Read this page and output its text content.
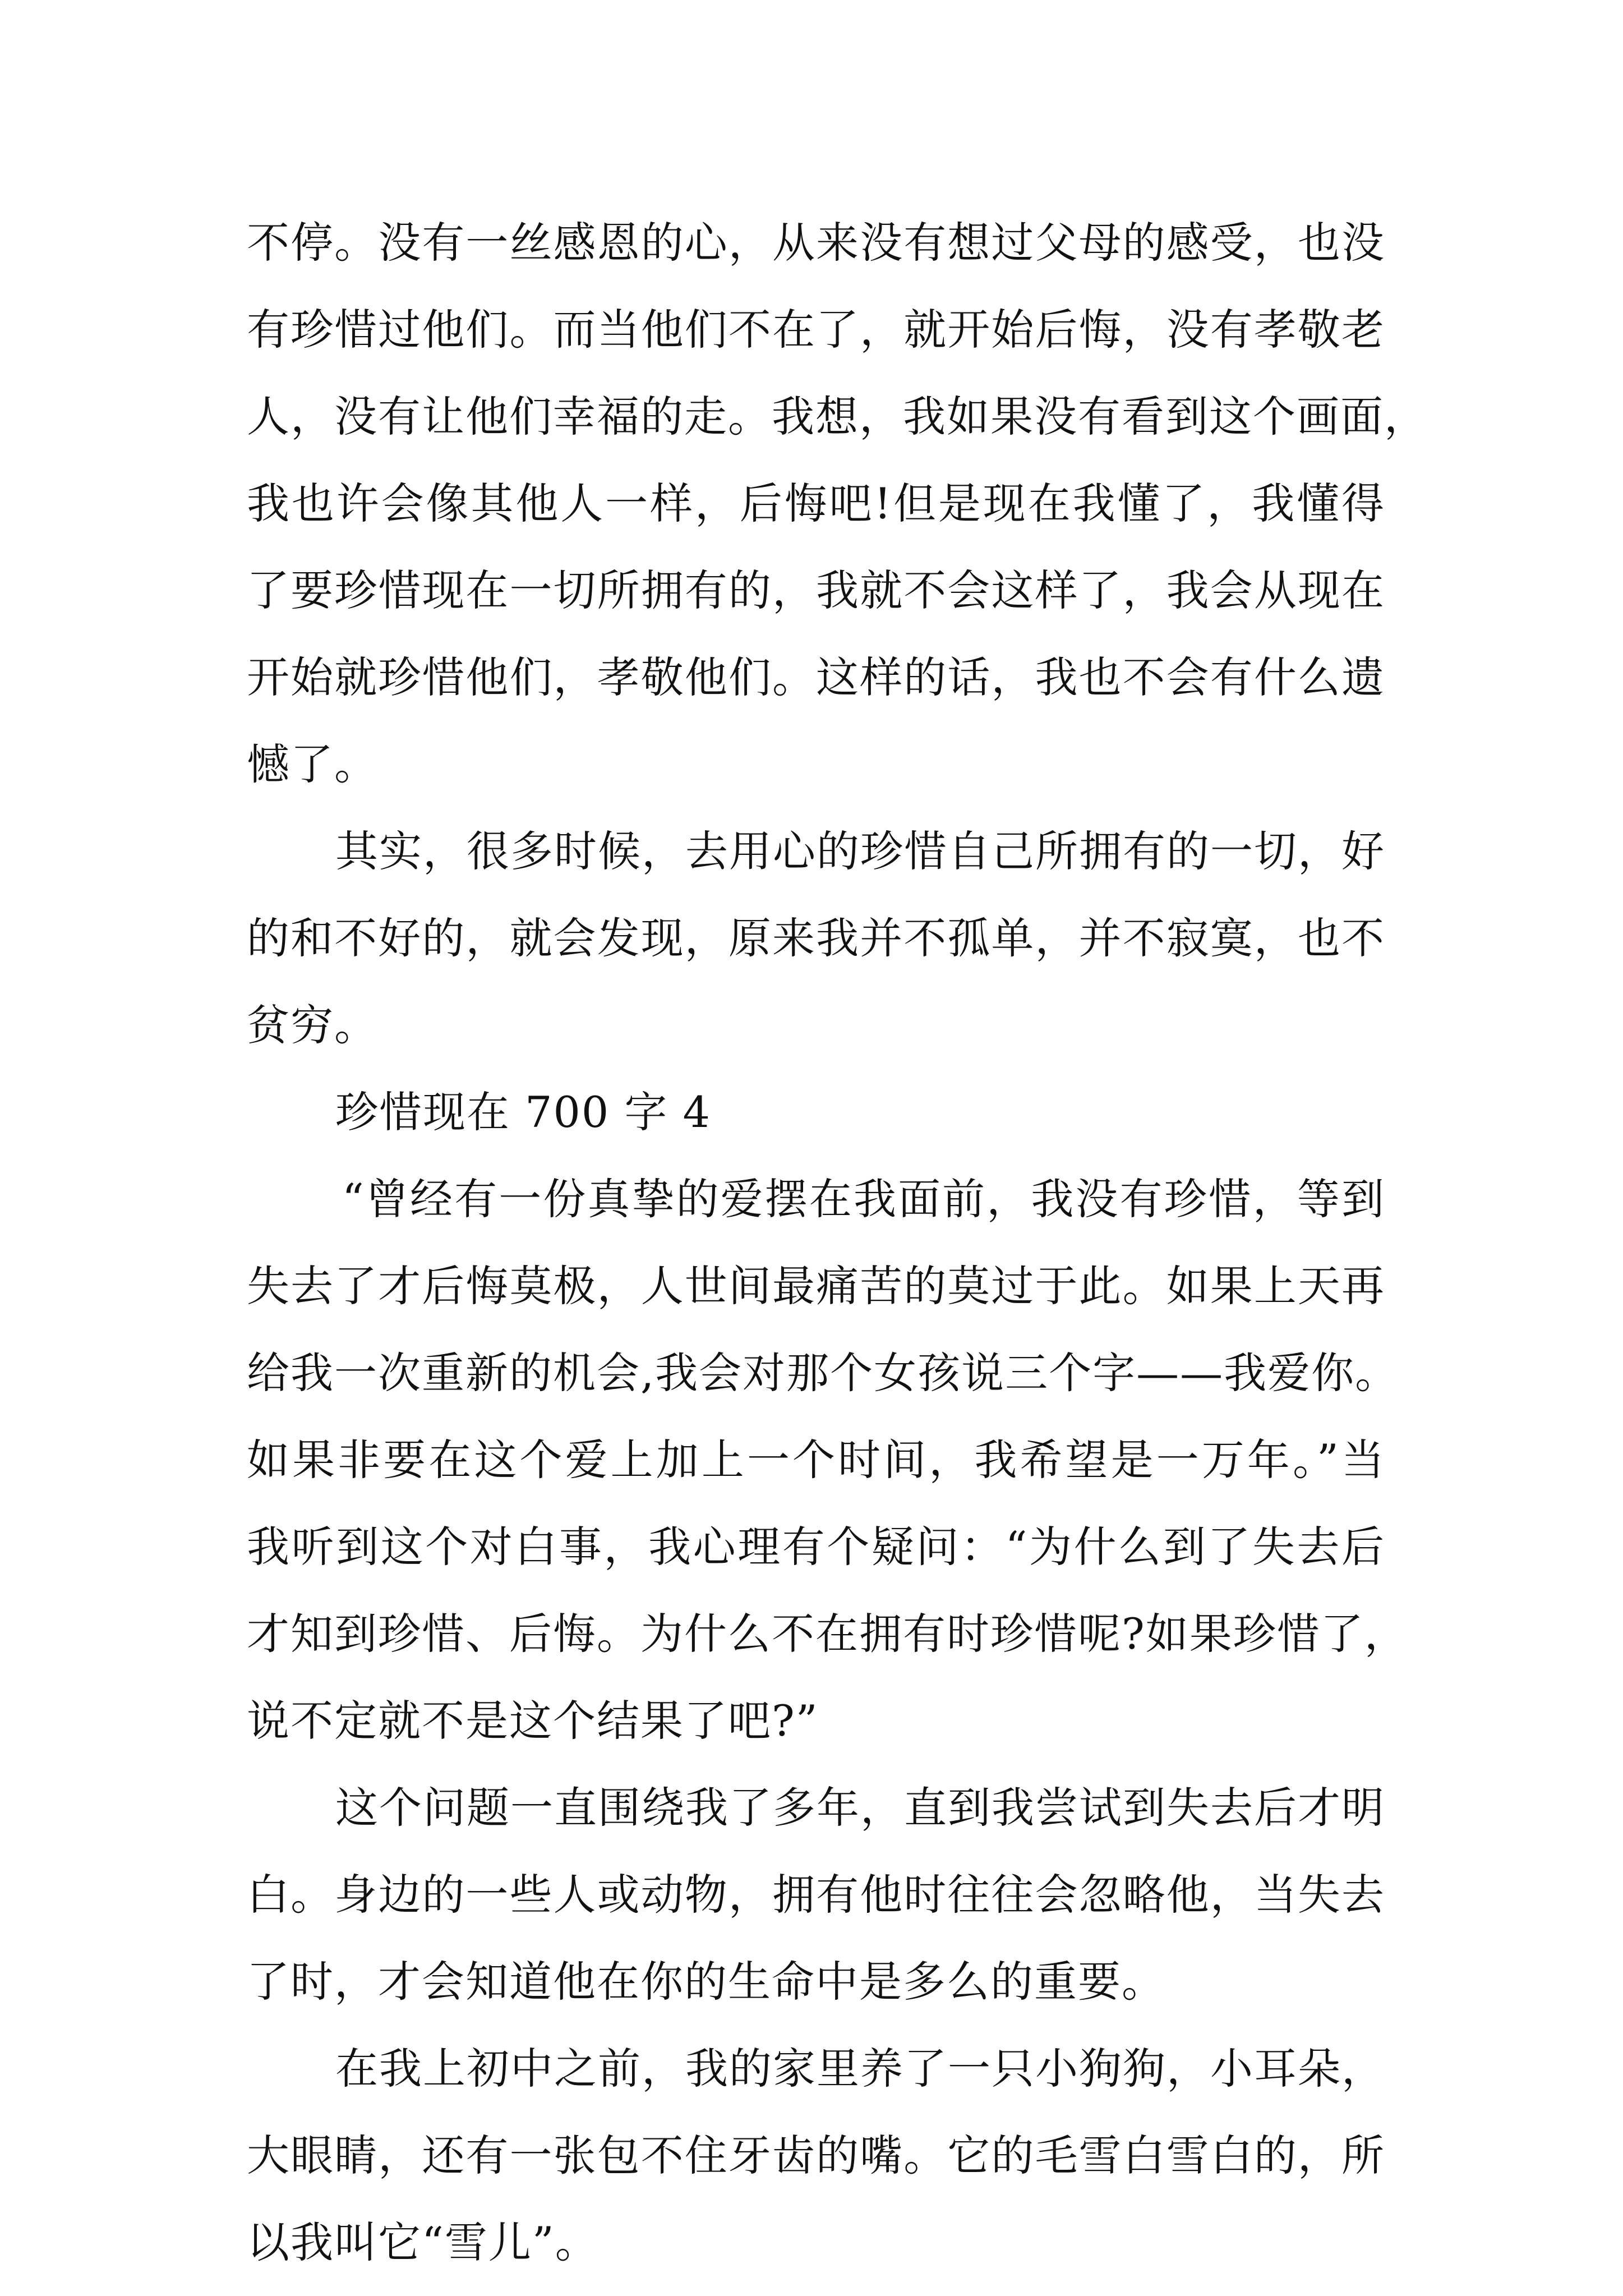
不停。没有一丝感恩的心，从来没有想过父母的感受，也没
有珍惜过他们。而当他们不在了，就开始后悔，没有孝敬老
人，没有让他们幸福的走。我想，我如果没有看到这个画面，
我也许会像其他人一样，后悔吧!但是现在我懂了，我懂得
了要珍惜现在一切所拥有的，我就不会这样了，我会从现在
开始就珍惜他们，孝敬他们。这样的话，我也不会有什么遗
憾了。
其实，很多时候，去用心的珍惜自己所拥有的一切，好
的和不好的，就会发现，原来我并不孤单，并不寂寞，也不
贫穷。
珍惜现在 700 字 4
“曾经有一份真挚的爱摆在我面前，我没有珍惜，等到
失去了才后悔莫极，人世间最痛苦的莫过于此。如果上天再
给我一次重新的机会,我会对那个女孩说三个字——我爱你。
如果非要在这个爱上加上一个时间，我希望是一万年。”当
我听到这个对白事，我心理有个疑问：“为什么到了失去后
才知到珍惜、后悔。为什么不在拥有时珍惜呢?如果珍惜了，
说不定就不是这个结果了吧?”
这个问题一直围绕我了多年，直到我尝试到失去后才明
白。身边的一些人或动物，拥有他时往往会忽略他，当失去
了时，才会知道他在你的生命中是多么的重要。
在我上初中之前，我的家里养了一只小狗狗，小耳朵，
大眼睛，还有一张包不住牙齿的嘴。它的毛雪白雪白的，所
以我叫它“雪儿”。
